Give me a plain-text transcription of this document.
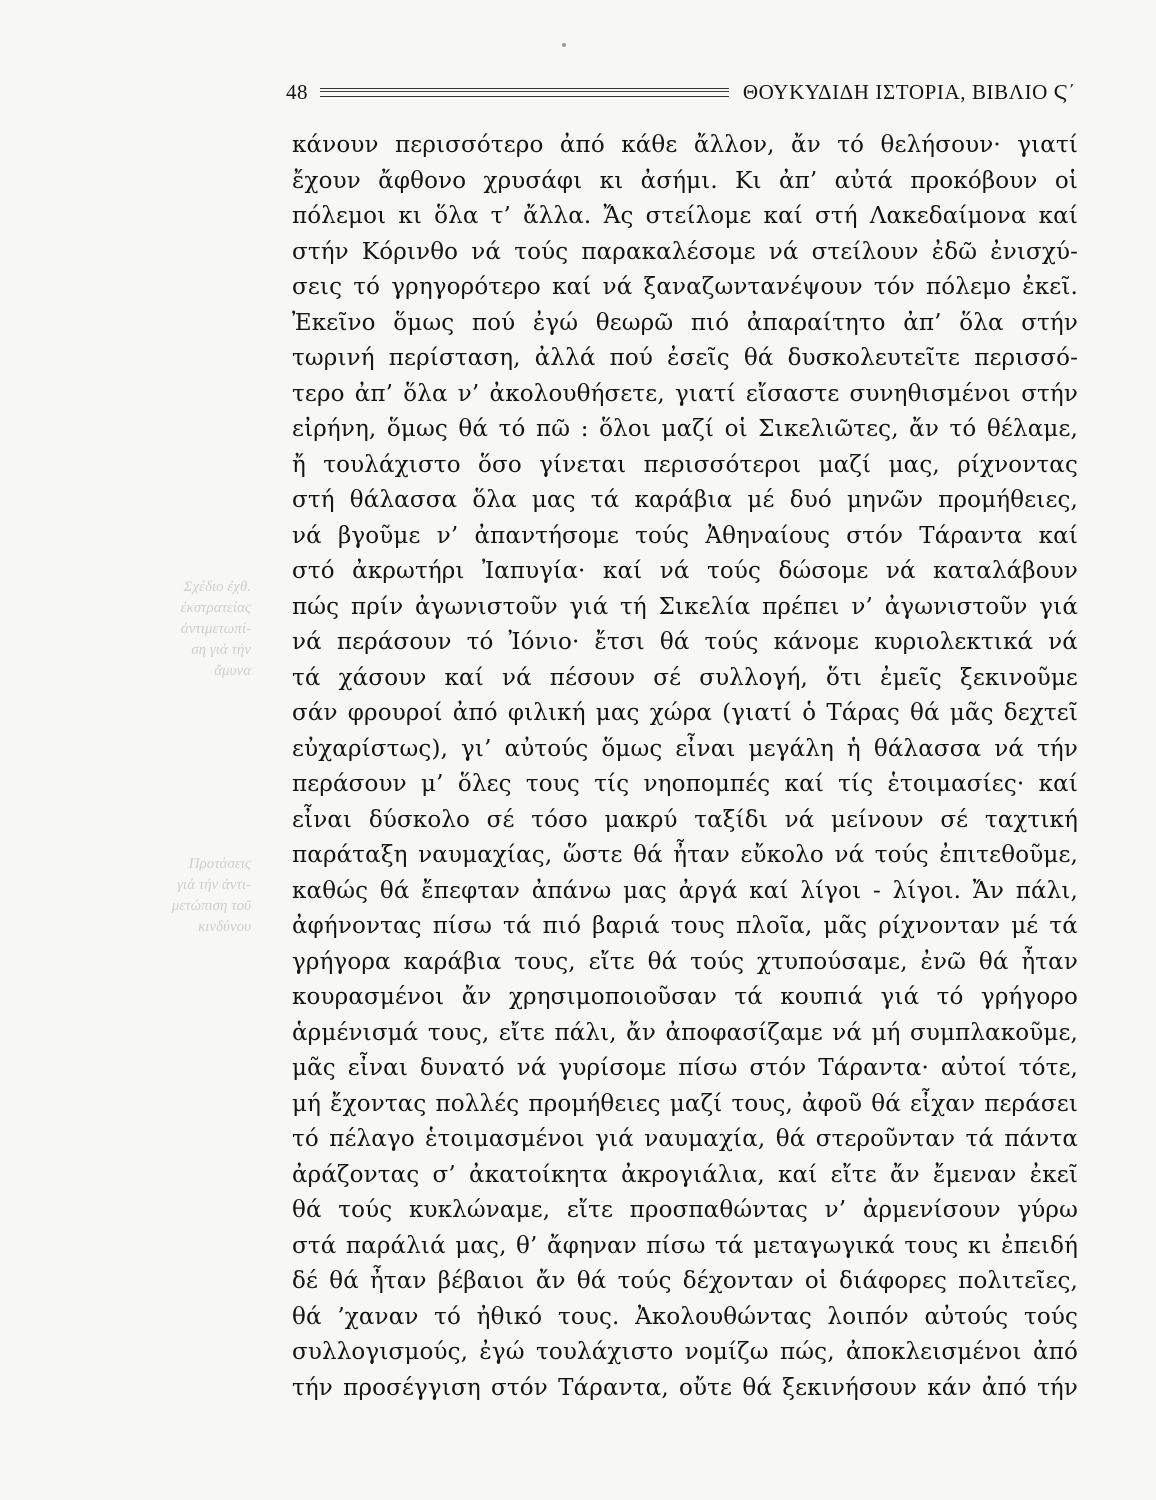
48	ΘΟΥΚΥΔΙΔΗ ΙΣΤΟΡΙΑ, ΒΙΒΛΙΟ Ϛ΄
Σχέδιο ἐχθ.
ἐκστρατείας
ἀντιμετωπί-
ση γιά τήν
ἄμυνα
Προτάσεις
γιά τήν ἀντι-
μετώπιση τοῦ
κινδύνου
κάνουν περισσότερο ἀπό κάθε ἄλλον, ἄν τό θελήσουν· γιατί
ἔχουν ἄφθονο χρυσάφι κι ἀσήμι. Κι ἀπ’ αὐτά προκόβουν οἱ
πόλεμοι κι ὅλα τ’ ἄλλα. Ἄς στείλομε καί στή Λακεδαίμονα καί
στήν Κόρινθο νά τούς παρακαλέσομε νά στείλουν ἐδῶ ἐνισχύ-
σεις τό γρηγορότερο καί νά ξαναζωντανέψουν τόν πόλεμο ἐκεῖ.
Ἐκεῖνο ὅμως πού ἐγώ θεωρῶ πιό ἀπαραίτητο ἀπ’ ὅλα στήν
τωρινή περίσταση, ἀλλά πού ἐσεῖς θά δυσκολευτεῖτε περισσό-
τερο ἀπ’ ὅλα ν’ ἀκολουθήσετε, γιατί εἴσαστε συνηθισμένοι στήν
εἰρήνη, ὅμως θά τό πῶ : ὅλοι μαζί οἱ Σικελιῶτες, ἄν τό θέλαμε,
ἤ τουλάχιστο ὅσο γίνεται περισσότεροι μαζί μας, ρίχνοντας
στή θάλασσα ὅλα μας τά καράβια μέ δυό μηνῶν προμήθειες,
νά βγοῦμε ν’ ἀπαντήσομε τούς Ἀθηναίους στόν Τάραντα καί
στό ἀκρωτήρι Ἰαπυγία· καί νά τούς δώσομε νά καταλάβουν
πώς πρίν ἀγωνιστοῦν γιά τή Σικελία πρέπει ν’ ἀγωνιστοῦν γιά
νά περάσουν τό Ἰόνιο· ἔτσι θά τούς κάνομε κυριολεκτικά νά
τά χάσουν καί νά πέσουν σέ συλλογή, ὅτι ἐμεῖς ξεκινοῦμε
σάν φρουροί ἀπό φιλική μας χώρα (γιατί ὁ Τάρας θά μᾶς δεχτεῖ
εὐχαρίστως), γι’ αὐτούς ὅμως εἶναι μεγάλη ἡ θάλασσα νά τήν
περάσουν μ’ ὅλες τους τίς νηοπομπές καί τίς ἑτοιμασίες· καί
εἶναι δύσκολο σέ τόσο μακρύ ταξίδι νά μείνουν σέ ταχτική
παράταξη ναυμαχίας, ὥστε θά ἦταν εὔκολο νά τούς ἐπιτεθοῦμε,
καθώς θά ἔπεφταν ἀπάνω μας ἀργά καί λίγοι - λίγοι. Ἄν πάλι,
ἀφήνοντας πίσω τά πιό βαριά τους πλοῖα, μᾶς ρίχνονταν μέ τά
γρήγορα καράβια τους, εἴτε θά τούς χτυπούσαμε, ἐνῶ θά ἦταν
κουρασμένοι ἄν χρησιμοποιοῦσαν τά κουπιά γιά τό γρήγορο
ἁρμένισμά τους, εἴτε πάλι, ἄν ἀποφασίζαμε νά μή συμπλακοῦμε,
μᾶς εἶναι δυνατό νά γυρίσομε πίσω στόν Τάραντα· αὐτοί τότε,
μή ἔχοντας πολλές προμήθειες μαζί τους, ἀφοῦ θά εἶχαν περάσει
τό πέλαγο ἑτοιμασμένοι γιά ναυμαχία, θά στεροῦνταν τά πάντα
ἀράζοντας σ’ ἀκατοίκητα ἀκρογιάλια, καί εἴτε ἄν ἔμεναν ἐκεῖ
θά τούς κυκλώναμε, εἴτε προσπαθώντας ν’ ἀρμενίσουν γύρω
στά παράλιά μας, θ’ ἄφηναν πίσω τά μεταγωγικά τους κι ἐπειδή
δέ θά ἦταν βέβαιοι ἄν θά τούς δέχονταν οἱ διάφορες πολιτεῖες,
θά ’χαναν τό ἠθικό τους. Ἀκολουθώντας λοιπόν αὐτούς τούς
συλλογισμούς, ἐγώ τουλάχιστο νομίζω πώς, ἀποκλεισμένοι ἀπό
τήν προσέγγιση στόν Τάραντα, οὔτε θά ξεκινήσουν κάν ἀπό τήν
